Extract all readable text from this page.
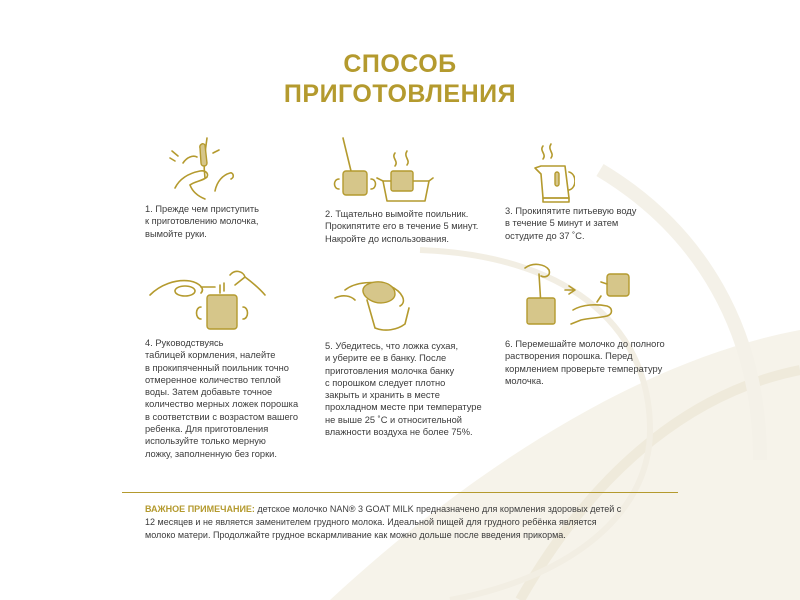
СПОСОБ
ПРИГОТОВЛЕНИЯ
1. Прежде чем приступить
к приготовлению молочка,
вымойте руки.
2. Тщательно вымойте поильник.
Прокипятите его в течение 5 минут.
Накройте до использования.
3. Прокипятите питьевую воду
в течение 5 минут и затем
остудите до 37 ˚С.
4. Руководствуясь
таблицей кормления, налейте
в прокипяченный поильник точно
отмеренное количество теплой
воды. Затем добавьте точное
количество мерных ложек порошка
в соответствии с возрастом вашего
ребенка. Для приготовления
используйте только мерную
ложку, заполненную без горки.
5. Убедитесь, что ложка сухая,
и уберите ее в банку. После
приготовления молочка банку
с порошком следует плотно
закрыть и хранить в месте
прохладном месте при температуре
не выше 25 ˚С и относительной
влажности воздуха не более 75%.
6. Перемешайте молочко до полного
растворения порошка. Перед
кормлением проверьте температуру
молочка.
ВАЖНОЕ ПРИМЕЧАНИЕ: детское молочко NAN® 3 GOAT MILK предназначено для кормления здоровых детей с 12 месяцев и не является заменителем грудного молока. Идеальной пищей для грудного ребёнка является молоко матери. Продолжайте грудное вскармливание как можно дольше после введения прикорма.
